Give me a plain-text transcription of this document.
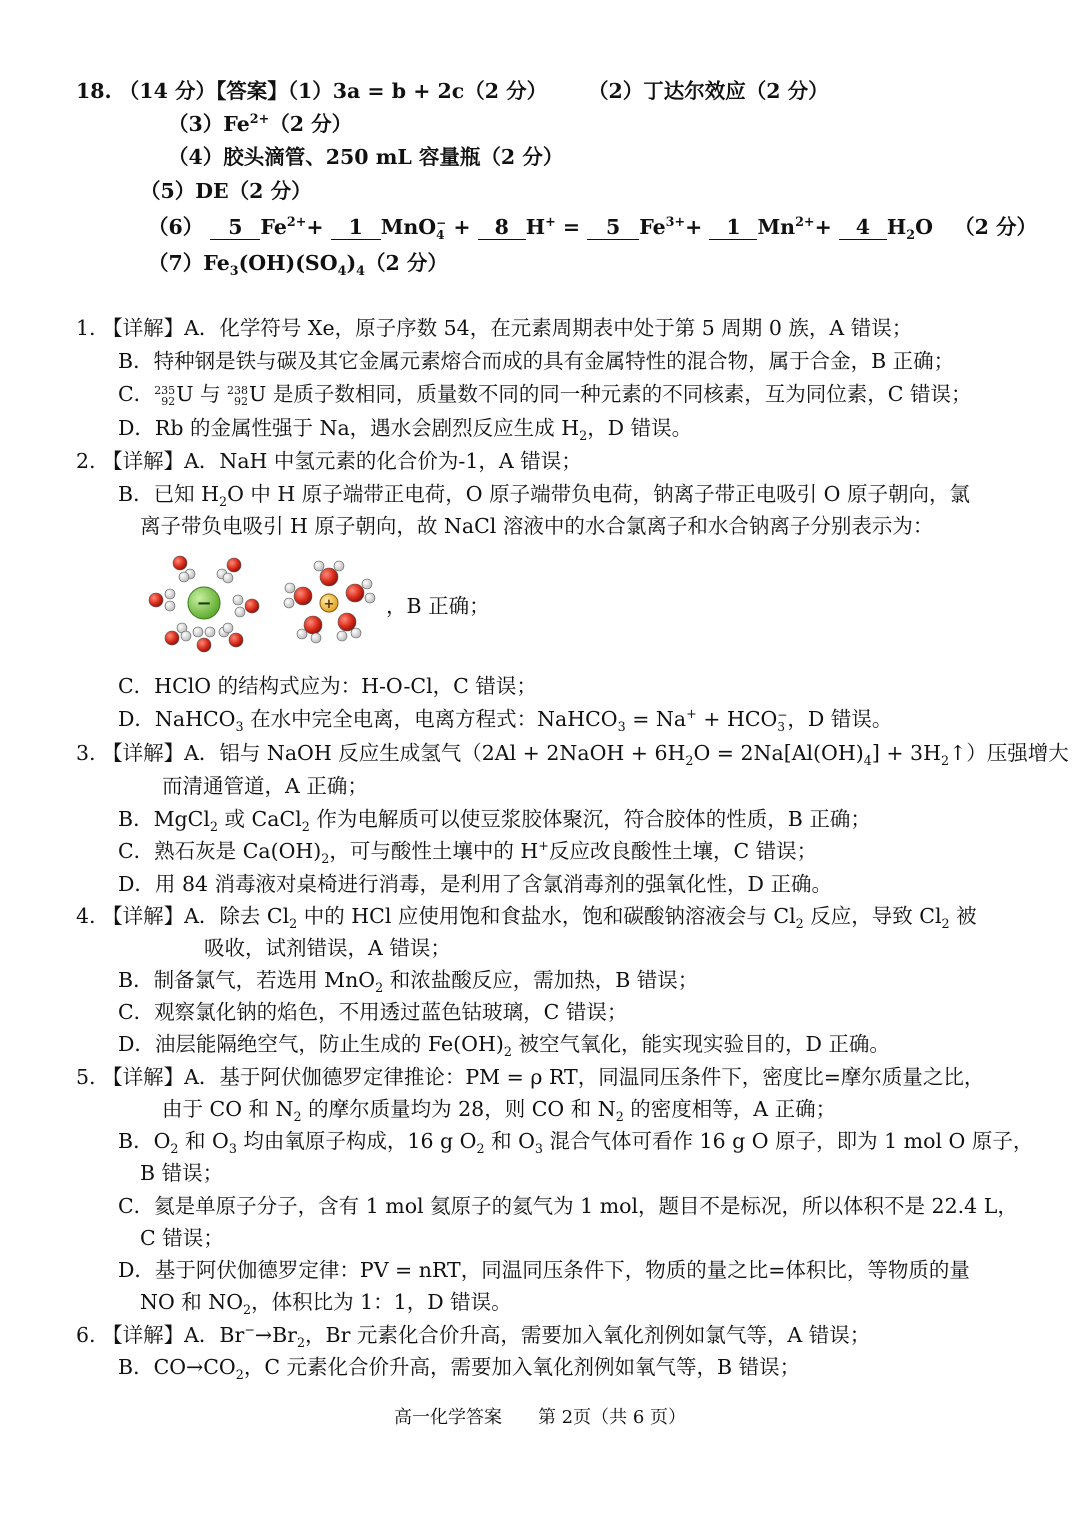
18. （14 分）【答案】（1）3a = b + 2c（2 分） （2）丁达尔效应（2 分）
$(3)Fe^{2+}(2$ 分）
（4）胶头滴管、250 mL 容量瓶（2 分）
（5）DE（2 分）
（6） 5 $Fe^{2+}+ 1$ MnO −
4 + 8 H+ = 5 $Fe^{3+}+ 1$ $Mn^{2+}+ 4$ $H_2O$ （2 分）
$(7)Fe_3(OH)(SO_4)_4(2$ 分）
1. 【详解】A．化学符号 Xe，原子序数 54，在元素周期表中处于第 5 周期 0 族，A 错误；
B．特种钢是铁与碳及其它金属元素熔合而成的具有金属特性的混合物，属于合金，B 正确；
C． 235
92 U 与 238
92 U 是质子数相同，质量数不同的同一种元素的不同核素，互为同位素，C 错误；
D．Rb 的金属性强于 Na，遇水会剧烈反应生成 $H_2$，D 错误。
2. 【详解】A．NaH 中氢元素的化合价为-1，A 错误；
B．已知 $H_2O$ 中 H 原子端带正电荷，O 原子端带负电荷，钠离子带正电吸引 O 原子朝向，氯
离子带负电吸引 H 原子朝向，故 NaCl 溶液中的水合氯离子和水合钠离子分别表示为：
−	+	，B 正确；
C．HClO 的结构式应为：H-O-Cl，C 错误；
D．NaHCO$_3$ 在水中完全电离，电离方程式：NaHCO$_3$ = Na+ + HCO −
3 ，D 错误。
3. 【详解】A．铝与 NaOH 反应生成氢气（2Al + 2NaOH + $6H_2O = 2Na[Al(OH)_4]$ + $3H_2↑$）压强增大
而清通管道，A 正确；
B．MgCl$_2$ 或 CaCl$_2$ 作为电解质可以使豆浆胶体聚沉，符合胶体的性质，B 正确；
C．熟石灰是 $Ca(OH)_2$，可与酸性土壤中的 H+反应改良酸性土壤，C 错误；
D．用 84 消毒液对桌椅进行消毒，是利用了含氯消毒剂的强氧化性，D 正确。
4. 【详解】A．除去 $Cl_2$ 中的 HCl 应使用饱和食盐水，饱和碳酸钠溶液会与 $Cl_2$ 反应，导致 $Cl_2$ 被
吸收，试剂错误，A 错误；
B．制备氯气，若选用 MnO$_2$ 和浓盐酸反应，需加热，B 错误；
C．观察氯化钠的焰色，不用透过蓝色钴玻璃，C 错误；
D．油层能隔绝空气，防止生成的 $Fe(OH)_2$ 被空气氧化，能实现实验目的，D 正确。
5. 【详解】A．基于阿伏伽德罗定律推论：PM = ρ RT，同温同压条件下，密度比=摩尔质量之比，
由于 CO 和 $N_2$ 的摩尔质量均为 28，则 CO 和 $N_2$ 的密度相等，A 正确；
B．$O_2$ 和 $O_3$ 均由氧原子构成，16 g $O_2$ 和 $O_3$ 混合气体可看作 16 g O 原子，即为 1 mol O 原子，
B 错误；
C．氦是单原子分子，含有 1 mol 氦原子的氦气为 1 mol，题目不是标况，所以体积不是 22.4 L，
C 错误；
D．基于阿伏伽德罗定律：PV = nRT，同温同压条件下，物质的量之比=体积比，等物质的量
NO 和 $NO_2$，体积比为 1：1，D 错误。
6. 【详解】A．$Br^-\to Br_2$，Br 元素化合价升高，需要加入氧化剂例如氯气等，A 错误；
B．$CO\to CO_2$，C 元素化合价升高，需要加入氧化剂例如氧气等，B 错误；
高一化学答案　　第 2页（共 6 页）
